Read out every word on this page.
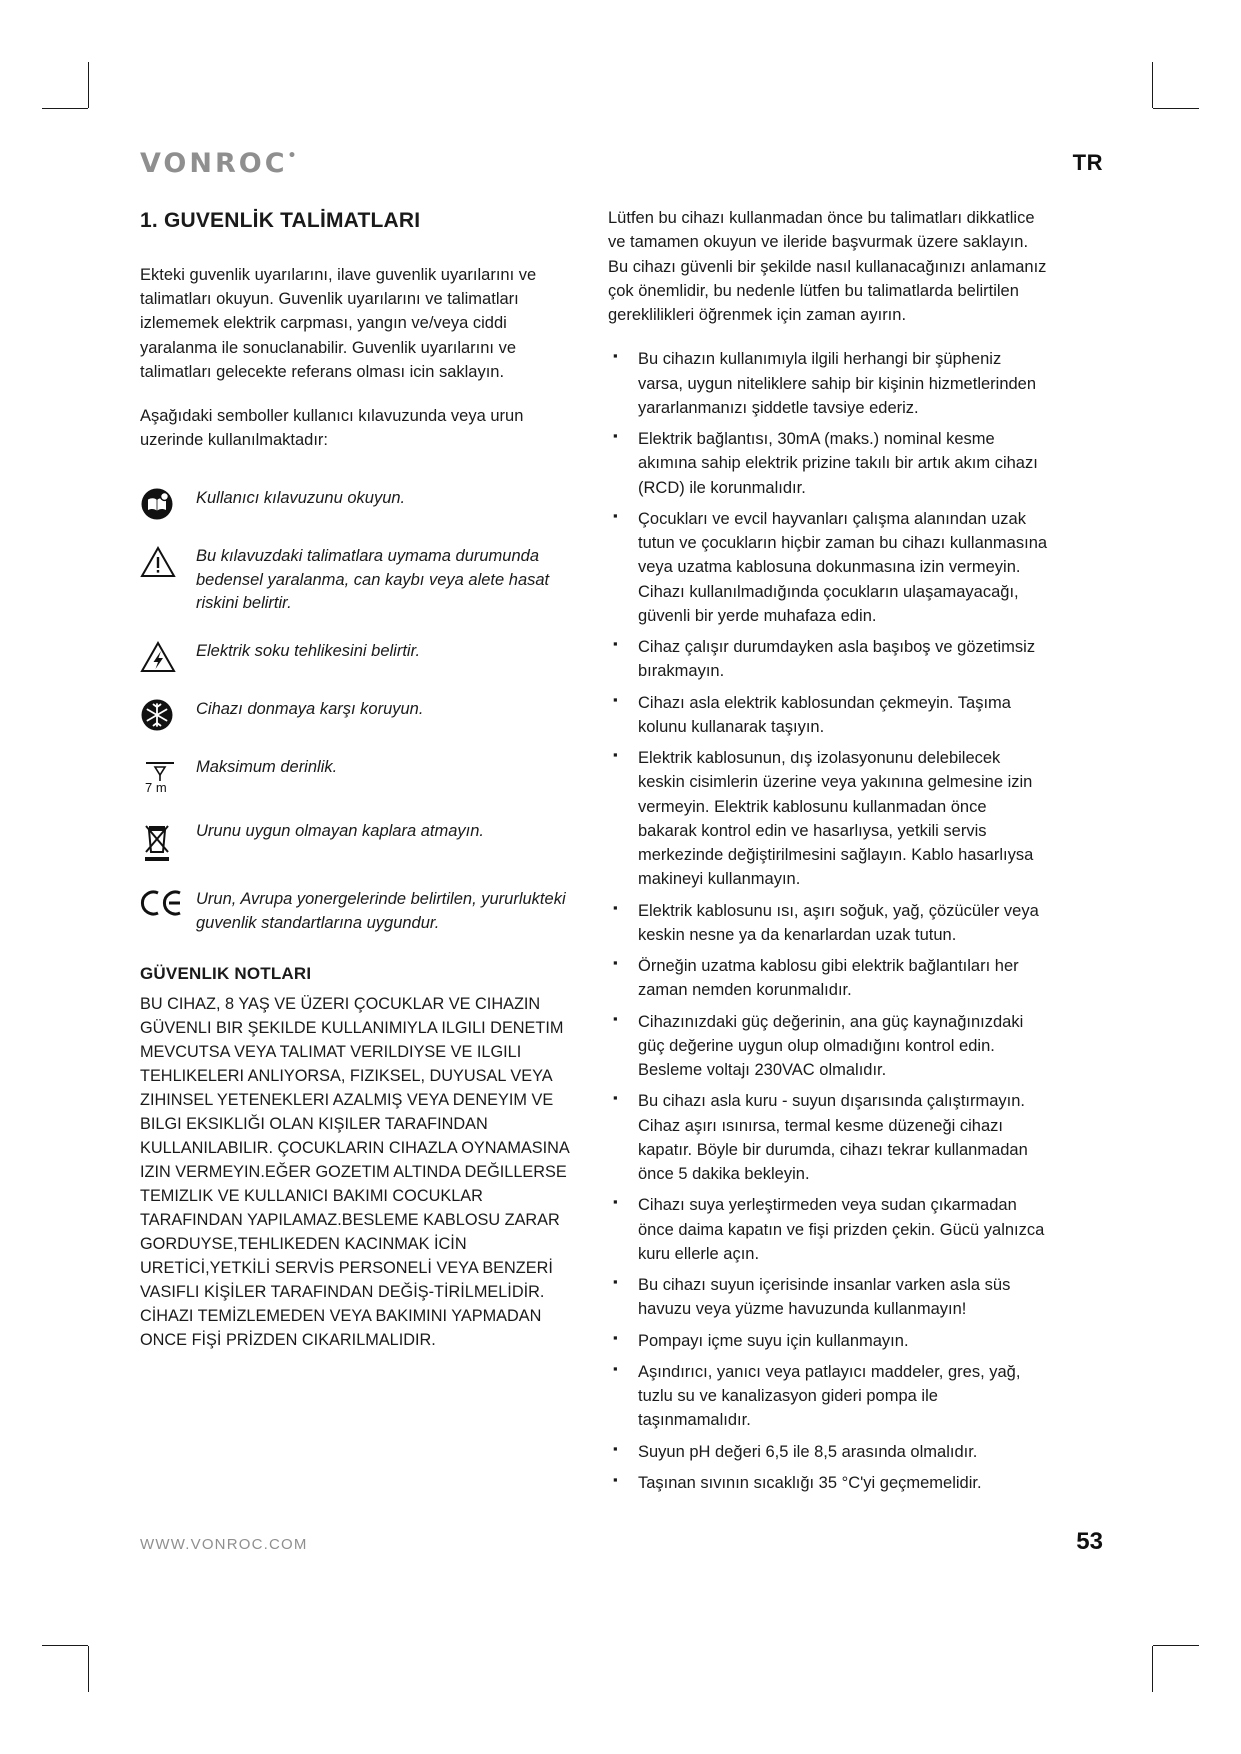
VONROC•	TR
1. GUVENLİK TALİMATLARI

Ekteki guvenlik uyarılarını, ilave guvenlik uyarılarını ve talimatları okuyun. Guvenlik uyarılarını ve talimatları izlememek elektrik carpması, yangın ve/veya ciddi yaralanma ile sonuclanabilir. Guvenlik uyarılarını ve talimatları gelecekte referans olması icin saklayın.

Aşağıdaki semboller kullanıcı kılavuzunda veya urun uzerinde kullanılmaktadır:

Kullanıcı kılavuzunu okuyun.
Bu kılavuzdaki talimatlara uymama durumunda bedensel yaralanma, can kaybı veya alete hasat riskini belirtir.
Elektrik soku tehlikesini belirtir.
Cihazı donmaya karşı koruyun.
7 m
Maksimum derinlik.
Urunu uygun olmayan kaplara atmayın.
Urun, Avrupa yonergelerinde belirtilen, yururlukteki guvenlik standartlarına uygundur.
GÜVENLIK NOTLARI

BU CIHAZ, 8 YAŞ VE ÜZERI ÇOCUKLAR VE CIHAZIN GÜVENLI BIR ŞEKILDE KULLANIMIYLA ILGILI DENETIM MEVCUTSA VEYA TALIMAT VERILDIYSE VE ILGILI TEHLIKELERI ANLIYORSA, FIZIKSEL, DUYUSAL VEYA ZIHINSEL YETENEKLERI AZALMIŞ VEYA DENEYIM VE BILGI EKSIKLIĞI OLAN KIŞILER TARAFINDAN KULLANILABILIR. ÇOCUKLARIN CIHAZLA OYNAMASINA IZIN VERMEYIN.EĞER GOZETIM ALTINDA DEĞILLERSE TEMIZLIK VE KULLANICI BAKIMI COCUKLAR TARAFINDAN YAPILAMAZ.BESLEME KABLOSU ZARAR GORDUYSE,TEHLIKEDEN KACINMAK İCİN URETİCİ,YETKİLİ SERVİS PERSONELİ VEYA BENZERİ VASIFLI KİŞİLER TARAFINDAN DEĞİŞ-TİRİLMELİDİR. CİHAZI TEMİZLEMEDEN VEYA BAKIMINI YAPMADAN ONCE FİŞİ PRİZDEN CIKARILMALIDIR.

Lütfen bu cihazı kullanmadan önce bu talimatları dikkatlice ve tamamen okuyun ve ileride başvurmak üzere saklayın. Bu cihazı güvenli bir şekilde nasıl kullanacağınızı anlamanız çok önemlidir, bu nedenle lütfen bu talimatlarda belirtilen gereklilikleri öğrenmek için zaman ayırın.

▪ Bu cihazın kullanımıyla ilgili herhangi bir şüpheniz varsa, uygun niteliklere sahip bir kişinin hizmetlerinden yararlanmanızı şiddetle tavsiye ederiz.
▪ Elektrik bağlantısı, 30mA (maks.) nominal kesme akımına sahip elektrik prizine takılı bir artık akım cihazı (RCD) ile korunmalıdır.
▪ Çocukları ve evcil hayvanları çalışma alanından uzak tutun ve çocukların hiçbir zaman bu cihazı kullanmasına veya uzatma kablosuna dokunmasına izin vermeyin. Cihazı kullanılmadığında çocukların ulaşamayacağı, güvenli bir yerde muhafaza edin.
▪ Cihaz çalışır durumdayken asla başıboş ve gözetimsiz bırakmayın.
▪ Cihazı asla elektrik kablosundan çekmeyin. Taşıma kolunu kullanarak taşıyın.
▪ Elektrik kablosunun, dış izolasyonunu delebilecek keskin cisimlerin üzerine veya yakınına gelmesine izin vermeyin. Elektrik kablosunu kullanmadan önce bakarak kontrol edin ve hasarlıysa, yetkili servis merkezinde değiştirilmesini sağlayın. Kablo hasarlıysa makineyi kullanmayın.
▪ Elektrik kablosunu ısı, aşırı soğuk, yağ, çözücüler veya keskin nesne ya da kenarlardan uzak tutun.
▪ Örneğin uzatma kablosu gibi elektrik bağlantıları her zaman nemden korunmalıdır.
▪ Cihazınızdaki güç değerinin, ana güç kaynağınızdaki güç değerine uygun olup olmadığını kontrol edin. Besleme voltajı 230VAC olmalıdır.
▪ Bu cihazı asla kuru - suyun dışarısında çalıştırmayın. Cihaz aşırı ısınırsa, termal kesme düzeneği cihazı kapatır. Böyle bir durumda, cihazı tekrar kullanmadan önce 5 dakika bekleyin.
▪ Cihazı suya yerleştirmeden veya sudan çıkarmadan önce daima kapatın ve fişi prizden çekin. Gücü yalnızca kuru ellerle açın.
▪ Bu cihazı suyun içerisinde insanlar varken asla süs havuzu veya yüzme havuzunda kullanmayın!
▪ Pompayı içme suyu için kullanmayın.
▪ Aşındırıcı, yanıcı veya patlayıcı maddeler, gres, yağ, tuzlu su ve kanalizasyon gideri pompa ile taşınmamalıdır.
▪ Suyun pH değeri 6,5 ile 8,5 arasında olmalıdır.
▪ Taşınan sıvının sıcaklığı 35 °C'yi geçmemelidir.
WWW.VONROC.COM	53
